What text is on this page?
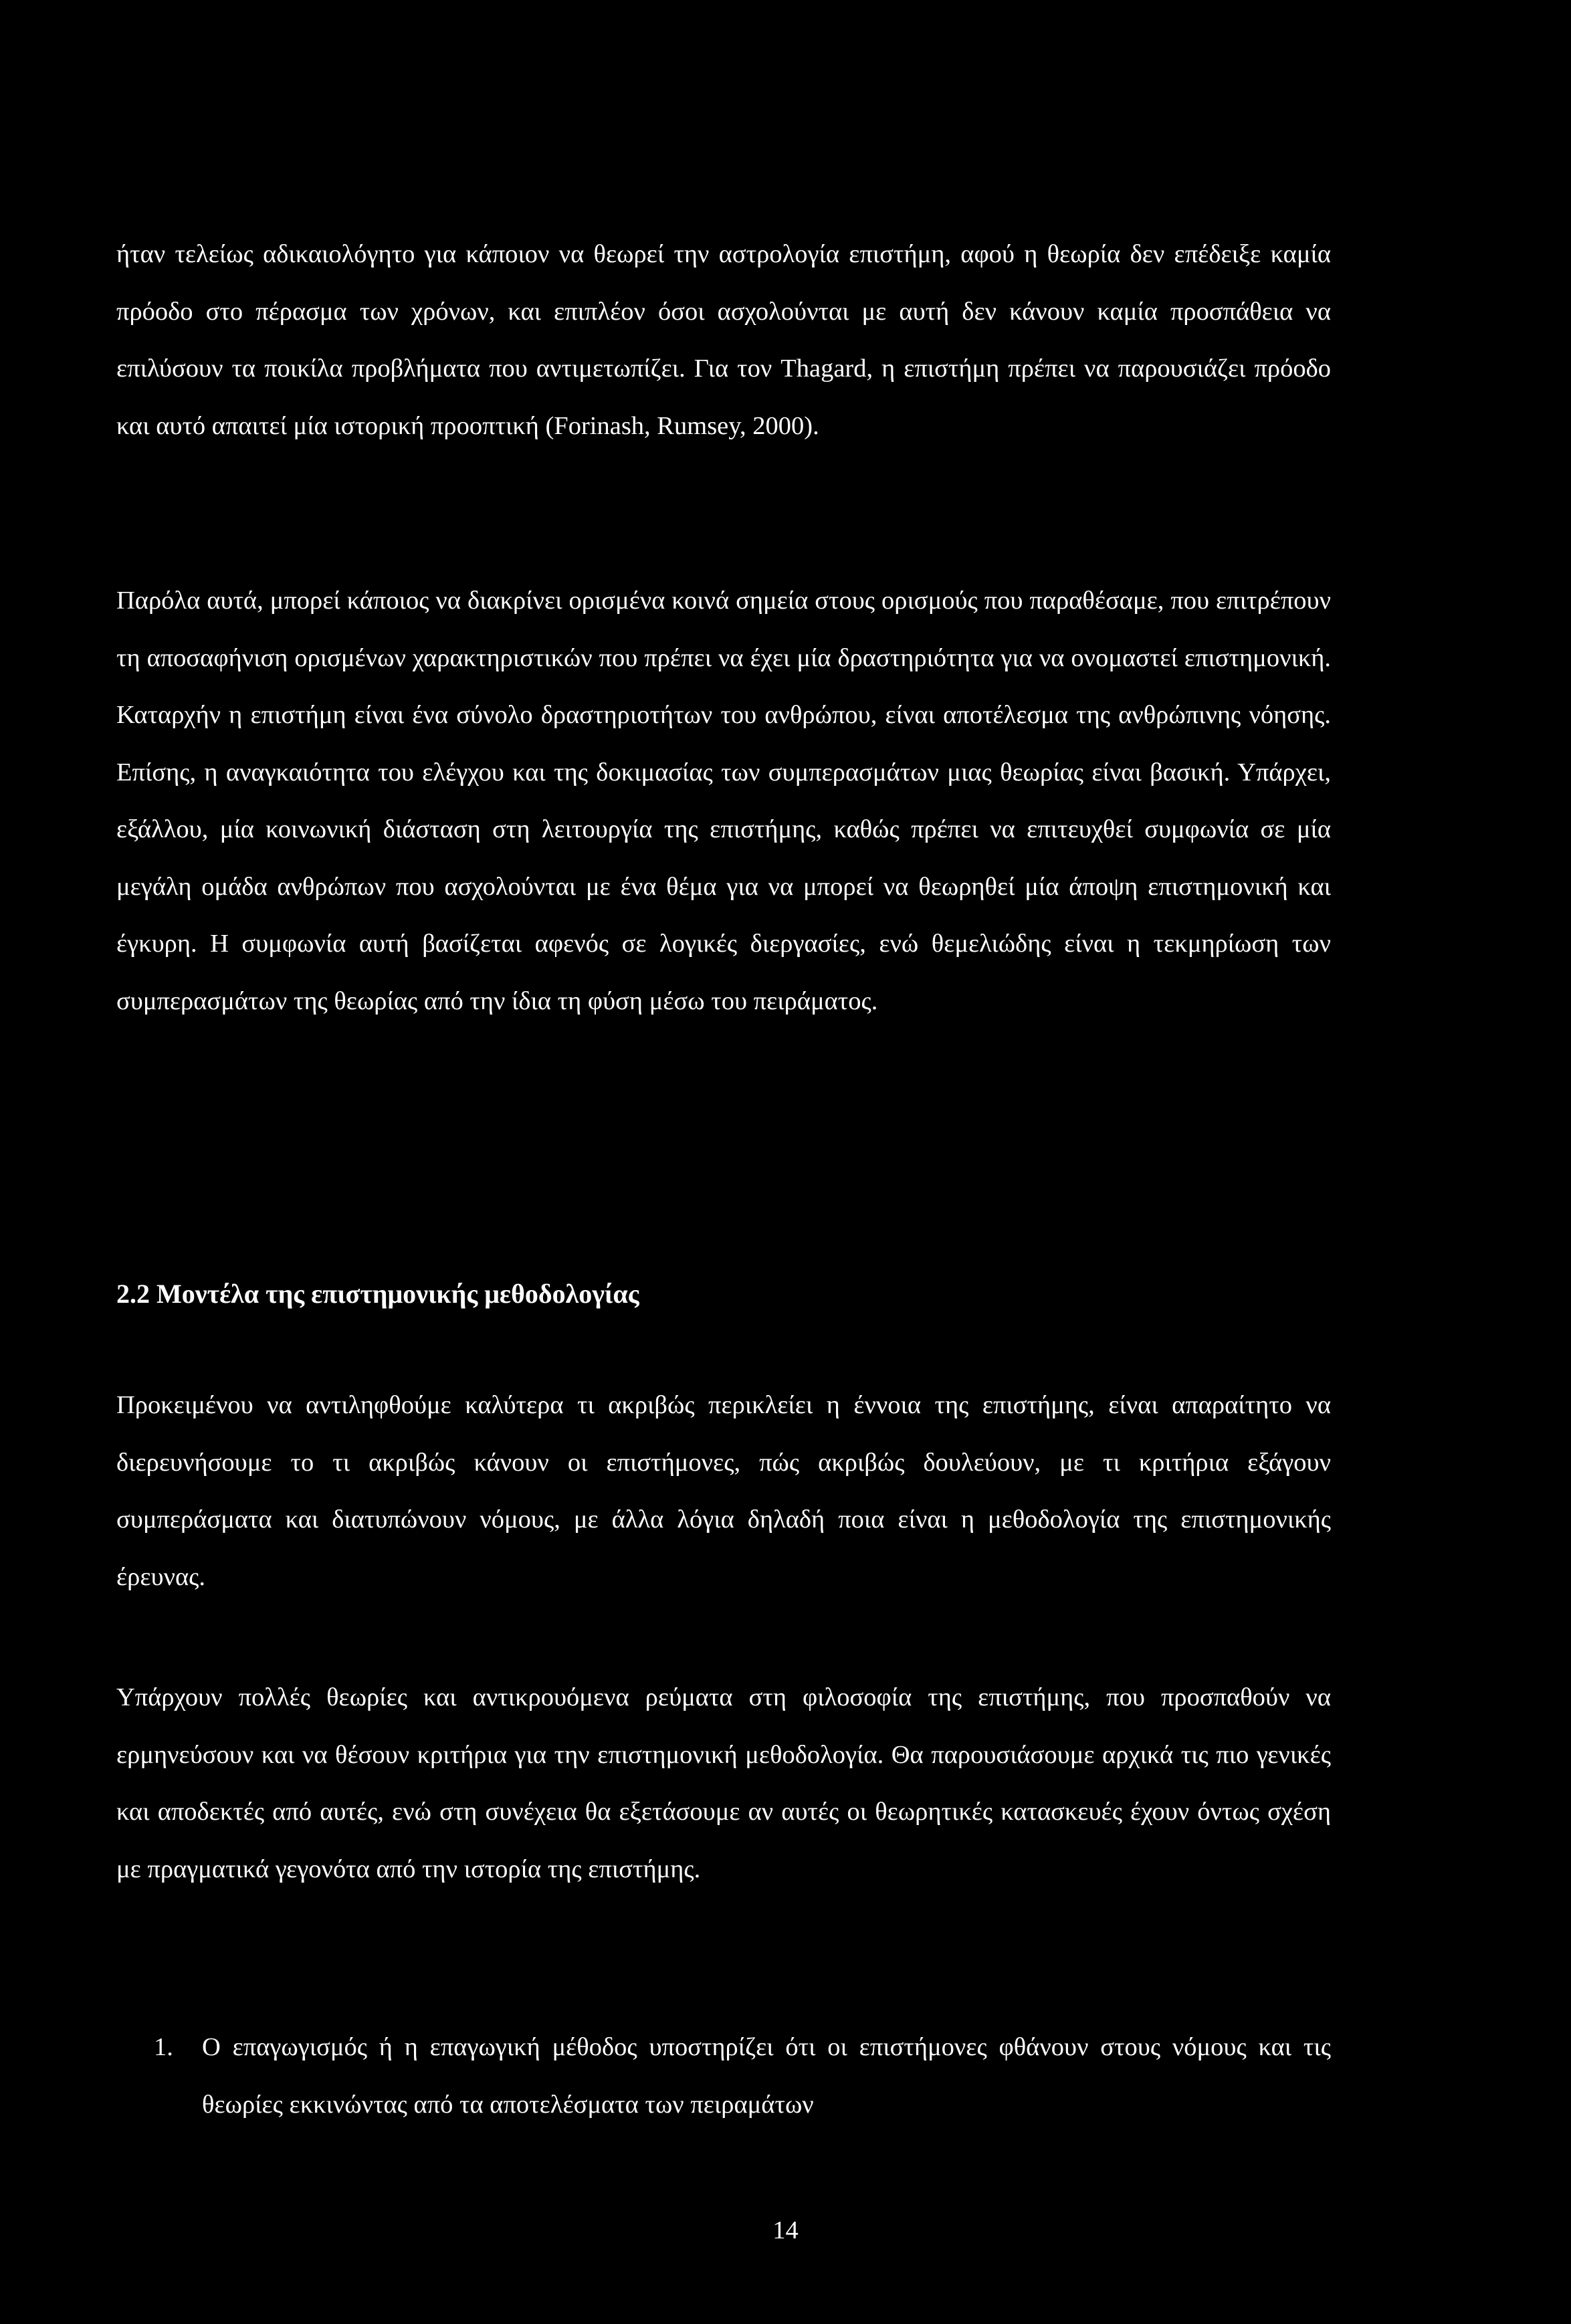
ήταν τελείως αδικαιολόγητο για κάποιον να θεωρεί την αστρολογία επιστήμη, αφού η θεωρία δεν επέδειξε καμία πρόοδο στο πέρασμα των χρόνων, και επιπλέον όσοι ασχολούνται με αυτή δεν κάνουν καμία προσπάθεια να επιλύσουν τα ποικίλα προβλήματα που αντιμετωπίζει. Για τον Thagard, η επιστήμη πρέπει να παρουσιάζει πρόοδο και αυτό απαιτεί μία ιστορική προοπτική (Forinash, Rumsey, 2000).

Παρόλα αυτά, μπορεί κάποιος να διακρίνει ορισμένα κοινά σημεία στους ορισμούς που παραθέσαμε, που επιτρέπουν τη αποσαφήνιση ορισμένων χαρακτηριστικών που πρέπει να έχει μία δραστηριότητα για να ονομαστεί επιστημονική. Καταρχήν η επιστήμη είναι ένα σύνολο δραστηριοτήτων του ανθρώπου, είναι αποτέλεσμα της ανθρώπινης νόησης. Επίσης, η αναγκαιότητα του ελέγχου και της δοκιμασίας των συμπερασμάτων μιας θεωρίας είναι βασική. Υπάρχει, εξάλλου, μία κοινωνική διάσταση στη λειτουργία της επιστήμης, καθώς πρέπει να επιτευχθεί συμφωνία σε μία μεγάλη ομάδα ανθρώπων που ασχολούνται με ένα θέμα για να μπορεί να θεωρηθεί μία άποψη επιστημονική και έγκυρη. Η συμφωνία αυτή βασίζεται αφενός σε λογικές διεργασίες, ενώ θεμελιώδης είναι η τεκμηρίωση των συμπερασμάτων της θεωρίας από την ίδια τη φύση μέσω του πειράματος.

2.2 Μοντέλα της επιστημονικής μεθοδολογίας

Προκειμένου να αντιληφθούμε καλύτερα τι ακριβώς περικλείει η έννοια της επιστήμης, είναι απαραίτητο να διερευνήσουμε το τι ακριβώς κάνουν οι επιστήμονες, πώς ακριβώς δουλεύουν, με τι κριτήρια εξάγουν συμπεράσματα και διατυπώνουν νόμους, με άλλα λόγια δηλαδή ποια είναι η μεθοδολογία της επιστημονικής έρευνας.

Υπάρχουν πολλές θεωρίες και αντικρουόμενα ρεύματα στη φιλοσοφία της επιστήμης, που προσπαθούν να ερμηνεύσουν και να θέσουν κριτήρια για την επιστημονική μεθοδολογία. Θα παρουσιάσουμε αρχικά τις πιο γενικές και αποδεκτές από αυτές, ενώ στη συνέχεια θα εξετάσουμε αν αυτές οι θεωρητικές κατασκευές έχουν όντως σχέση με πραγματικά γεγονότα από την ιστορία της επιστήμης.

1. Ο επαγωγισμός ή η επαγωγική μέθοδος υποστηρίζει ότι οι επιστήμονες φθάνουν στους νόμους και τις θεωρίες εκκινώντας από τα αποτελέσματα των πειραμάτων

14
